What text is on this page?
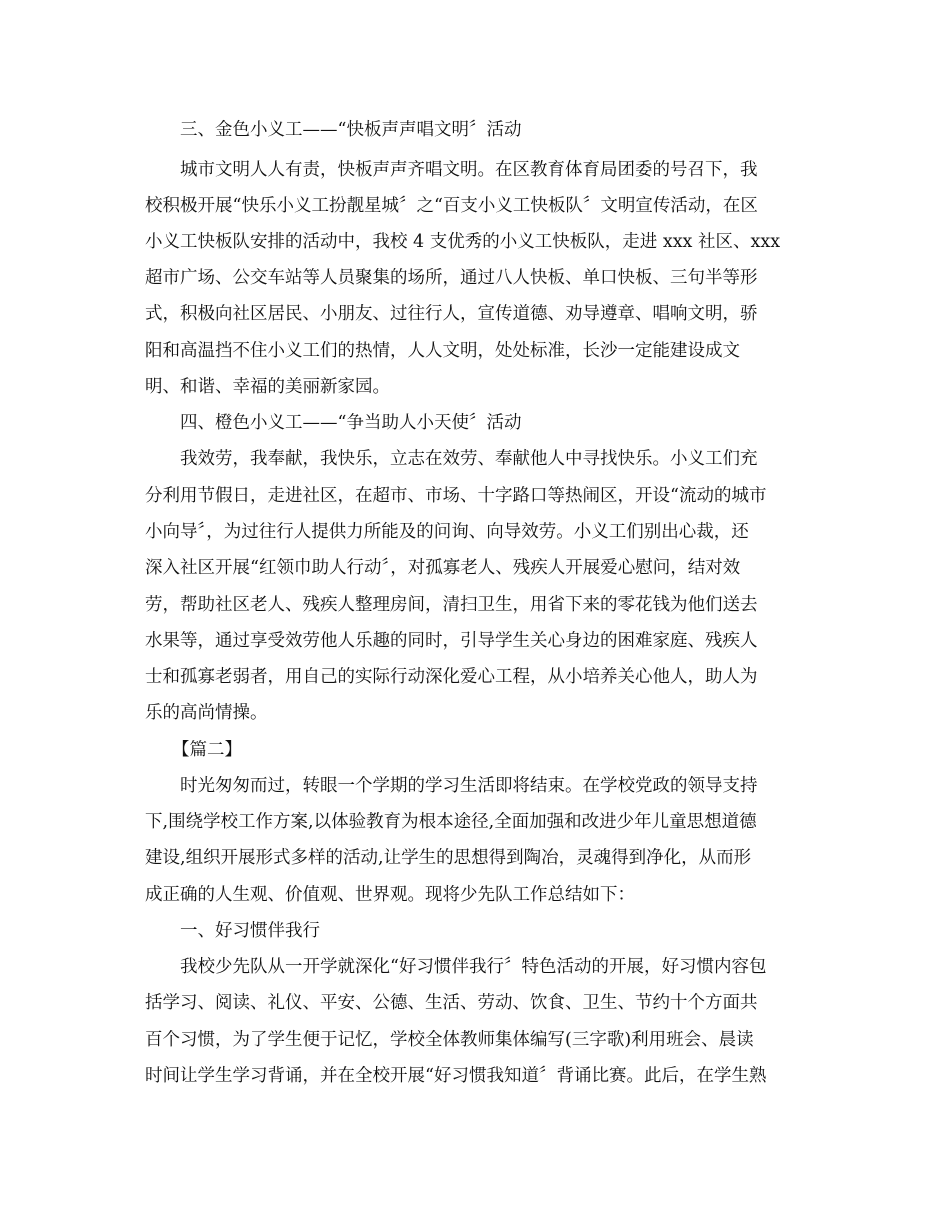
三、金色小义工——“快板声声唱文明〞活动
城市文明人人有责，快板声声齐唱文明。在区教育体育局团委的号召下，我
校积极开展“快乐小义工扮靓星城〞之“百支小义工快板队〞文明宣传活动，在区
小义工快板队安排的活动中，我校 4 支优秀的小义工快板队，走进 xxx 社区、xxx
超市广场、公交车站等人员聚集的场所，通过八人快板、单口快板、三句半等形
式，积极向社区居民、小朋友、过往行人，宣传道德、劝导遵章、唱响文明，骄
阳和高温挡不住小义工们的热情，人人文明，处处标准，长沙一定能建设成文
明、和谐、幸福的美丽新家园。
四、橙色小义工——“争当助人小天使〞活动
我效劳，我奉献，我快乐，立志在效劳、奉献他人中寻找快乐。小义工们充
分利用节假日，走进社区，在超市、市场、十字路口等热闹区，开设“流动的城市
小向导〞，为过往行人提供力所能及的问询、向导效劳。小义工们别出心裁，还
深入社区开展“红领巾助人行动〞，对孤寡老人、残疾人开展爱心慰问，结对效
劳，帮助社区老人、残疾人整理房间，清扫卫生，用省下来的零花钱为他们送去
水果等，通过享受效劳他人乐趣的同时，引导学生关心身边的困难家庭、残疾人
士和孤寡老弱者，用自己的实际行动深化爱心工程，从小培养关心他人，助人为
乐的高尚情操。
【篇二】
时光匆匆而过，转眼一个学期的学习生活即将结束。在学校党政的领导支持
下,围绕学校工作方案,以体验教育为根本途径,全面加强和改进少年儿童思想道德
建设,组织开展形式多样的活动,让学生的思想得到陶冶，灵魂得到净化，从而形
成正确的人生观、价值观、世界观。现将少先队工作总结如下：
一、好习惯伴我行
我校少先队从一开学就深化“好习惯伴我行〞特色活动的开展，好习惯内容包
括学习、阅读、礼仪、平安、公德、生活、劳动、饮食、卫生、节约十个方面共
百个习惯，为了学生便于记忆，学校全体教师集体编写(三字歌)利用班会、晨读
时间让学生学习背诵，并在全校开展“好习惯我知道〞背诵比赛。此后，在学生熟
